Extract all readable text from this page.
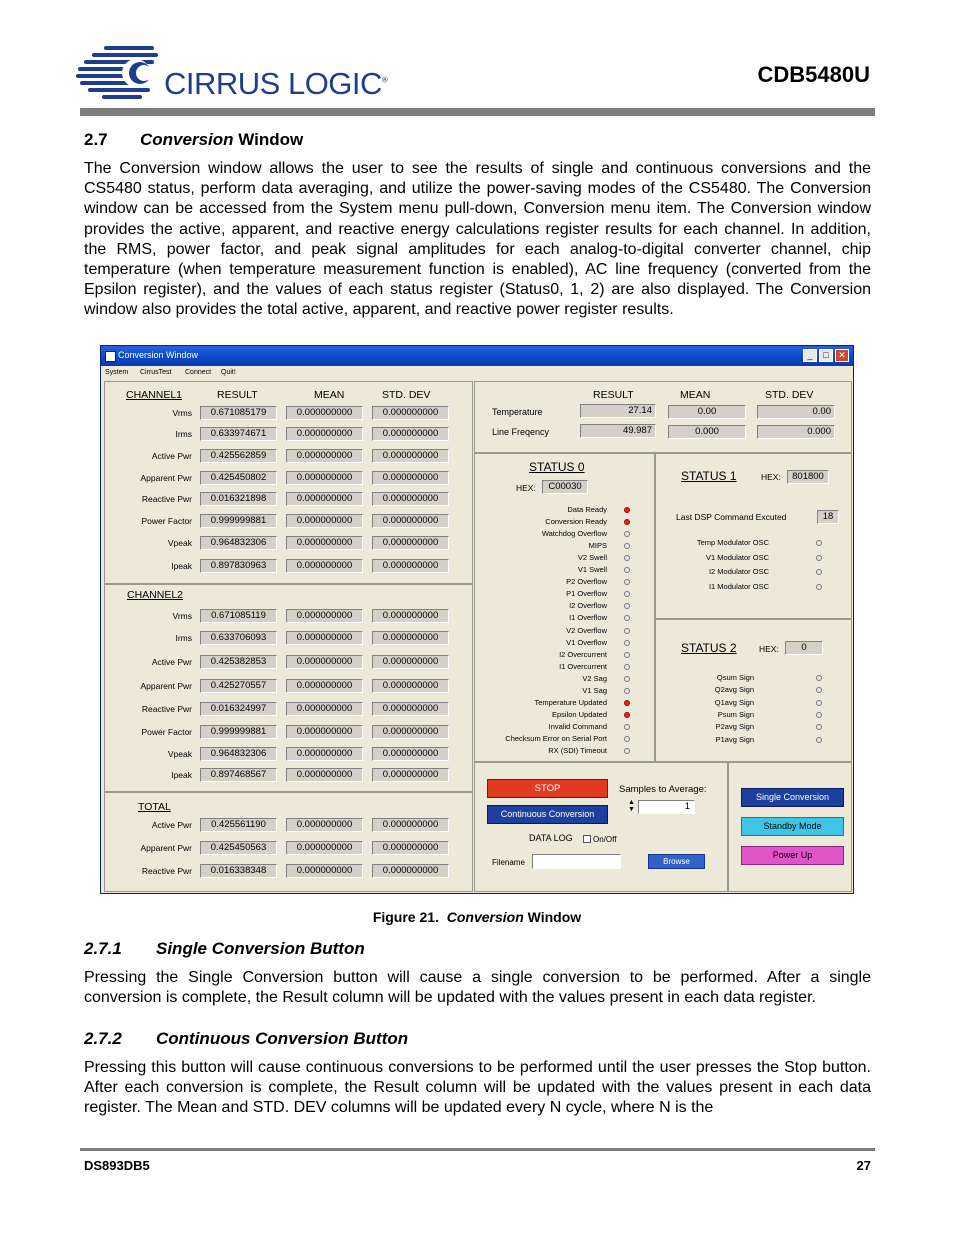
CIRRUS LOGIC®	CDB5480U
2.7 Conversion Window

The Conversion window allows the user to see the results of single and continuous conversions and the CS5480 status, perform data averaging, and utilize the power-saving modes of the CS5480. The Conversion window can be accessed from the System menu pull-down, Conversion menu item. The Conversion window provides the active, apparent, and reactive energy calculations register results for each channel. In addition, the RMS, power factor, and peak signal amplitudes for each analog-to-digital converter channel, chip temperature (when temperature measurement function is enabled), AC line frequency (converted from the Epsilon register), and the values of each status register (Status0, 1, 2) are also displayed. The Conversion window also provides the total active, apparent, and reactive power register results.

Conversion Window	_	□	✕
System CirrusTest Connect Quit!
CHANNEL1	RESULT	MEAN	STD. DEV
CHANNEL2
TOTAL
Vrms	0.671085179	0.000000000	0.000000000
Irms	0.633974671	0.000000000	0.000000000
Active Pwr	0.425562859	0.000000000	0.000000000
Apparent Pwr	0.425450802	0.000000000	0.000000000
Reactive Pwr	0.016321898	0.000000000	0.000000000
Power Factor	0.999999881	0.000000000	0.000000000
Vpeak	0.964832306	0.000000000	0.000000000
Ipeak	0.897830963	0.000000000	0.000000000
Vrms	0.671085119	0.000000000	0.000000000
Irms	0.633706093	0.000000000	0.000000000
Active Pwr	0.425382853	0.000000000	0.000000000
Apparent Pwr	0.425270557	0.000000000	0.000000000
Reactive Pwr	0.016324997	0.000000000	0.000000000
Power Factor	0.999999881	0.000000000	0.000000000
Vpeak	0.964832306	0.000000000	0.000000000
Ipeak	0.897468567	0.000000000	0.000000000
Active Pwr	0.425561190	0.000000000	0.000000000
Apparent Pwr	0.425450563	0.000000000	0.000000000
Reactive Pwr	0.016338348	0.000000000	0.000000000
RESULT	MEAN	STD. DEV
Temperature	27.14	0.00	0.00
Line Freqency	49.987	0.000	0.000
Data Ready
Conversion Ready
Watchdog Overflow
MIPS
V2 Swell
V1 Swell
P2 Overflow
P1 Overflow
I2 Overflow
I1 Overflow
V2 Overflow
V1 Overflow
I2 Overcurrent
I1 Overcurrent
V2 Sag
V1 Sag
Temperature Updated
Epsilon Updated
Invalid Command
Checksum Error on Serial Port
RX (SDI) Timeout
Temp Modulator OSC
V1 Modulator OSC
I2 Modulator OSC
I1 Modulator OSC
Qsum Sign
Q2avg Sign
Q1avg Sign
Psum Sign
P2avg Sign
P1avg Sign
STATUS 0
HEX:	C00030
STATUS 1	HEX:	801800
Last DSP Command Excuted	18
STATUS 2	HEX:	0
STOP
Continuous Conversion
Samples to Average:
▲
▼	1
DATA LOG	On/Off
Filename	Browse
Single Conversion
Standby Mode
Power Up
Figure 21. Conversion Window
2.7.1 Single Conversion Button

Pressing the Single Conversion button will cause a single conversion to be performed. After a single conversion is complete, the Result column will be updated with the values present in each data register.

2.7.2 Continuous Conversion Button

Pressing this button will cause continuous conversions to be performed until the user presses the Stop button. After each conversion is complete, the Result column will be updated with the values present in each data register. The Mean and STD. DEV columns will be updated every N cycle, where N is the

DS893DB5	27
